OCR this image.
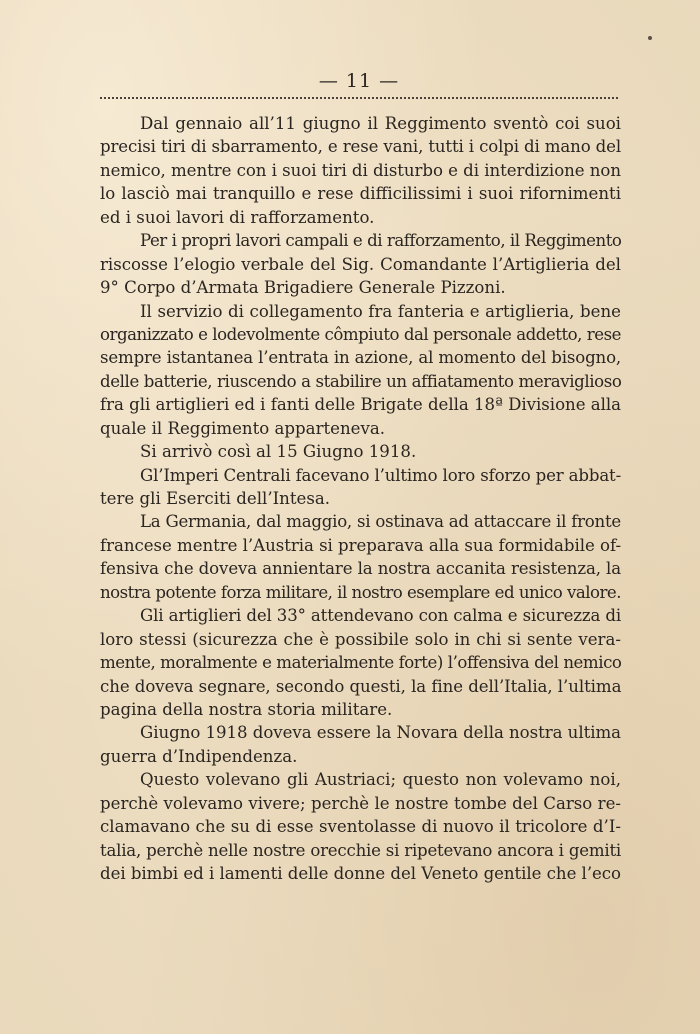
— 11 —
Dal gennaio all’11 giugno il Reggimento sventò coi suoi
precisi tiri di sbarramento, e rese vani, tutti i colpi di mano del
nemico, mentre con i suoi tiri di disturbo e di interdizione non
lo lasciò mai tranquillo e rese difficilissimi i suoi rifornimenti
ed i suoi lavori di rafforzamento.
Per i propri lavori campali e di rafforzamento, il Reggimento
riscosse l’elogio verbale del Sig. Comandante l’Artiglieria del
9° Corpo d’Armata Brigadiere Generale Pizzoni.
Il servizio di collegamento fra fanteria e artiglieria, bene
organizzato e lodevolmente cômpiuto dal personale addetto, rese
sempre istantanea l’entrata in azione, al momento del bisogno,
delle batterie, riuscendo a stabilire un affiatamento meraviglioso
fra gli artiglieri ed i fanti delle Brigate della 18ª Divisione alla
quale il Reggimento apparteneva.
Si arrivò così al 15 Giugno 1918.
Gl’Imperi Centrali facevano l’ultimo loro sforzo per abbat-
tere gli Eserciti dell’Intesa.
La Germania, dal maggio, si ostinava ad attaccare il fronte
francese mentre l’Austria si preparava alla sua formidabile of-
fensiva che doveva annientare la nostra accanita resistenza, la
nostra potente forza militare, il nostro esemplare ed unico valore.
Gli artiglieri del 33° attendevano con calma e sicurezza di
loro stessi (sicurezza che è possibile solo in chi si sente vera-
mente, moralmente e materialmente forte) l’offensiva del nemico
che doveva segnare, secondo questi, la fine dell’Italia, l’ultima
pagina della nostra storia militare.
Giugno 1918 doveva essere la Novara della nostra ultima
guerra d’Indipendenza.
Questo volevano gli Austriaci; questo non volevamo noi,
perchè volevamo vivere; perchè le nostre tombe del Carso re-
clamavano che su di esse sventolasse di nuovo il tricolore d’I-
talia, perchè nelle nostre orecchie si ripetevano ancora i gemiti
dei bimbi ed i lamenti delle donne del Veneto gentile che l’eco
